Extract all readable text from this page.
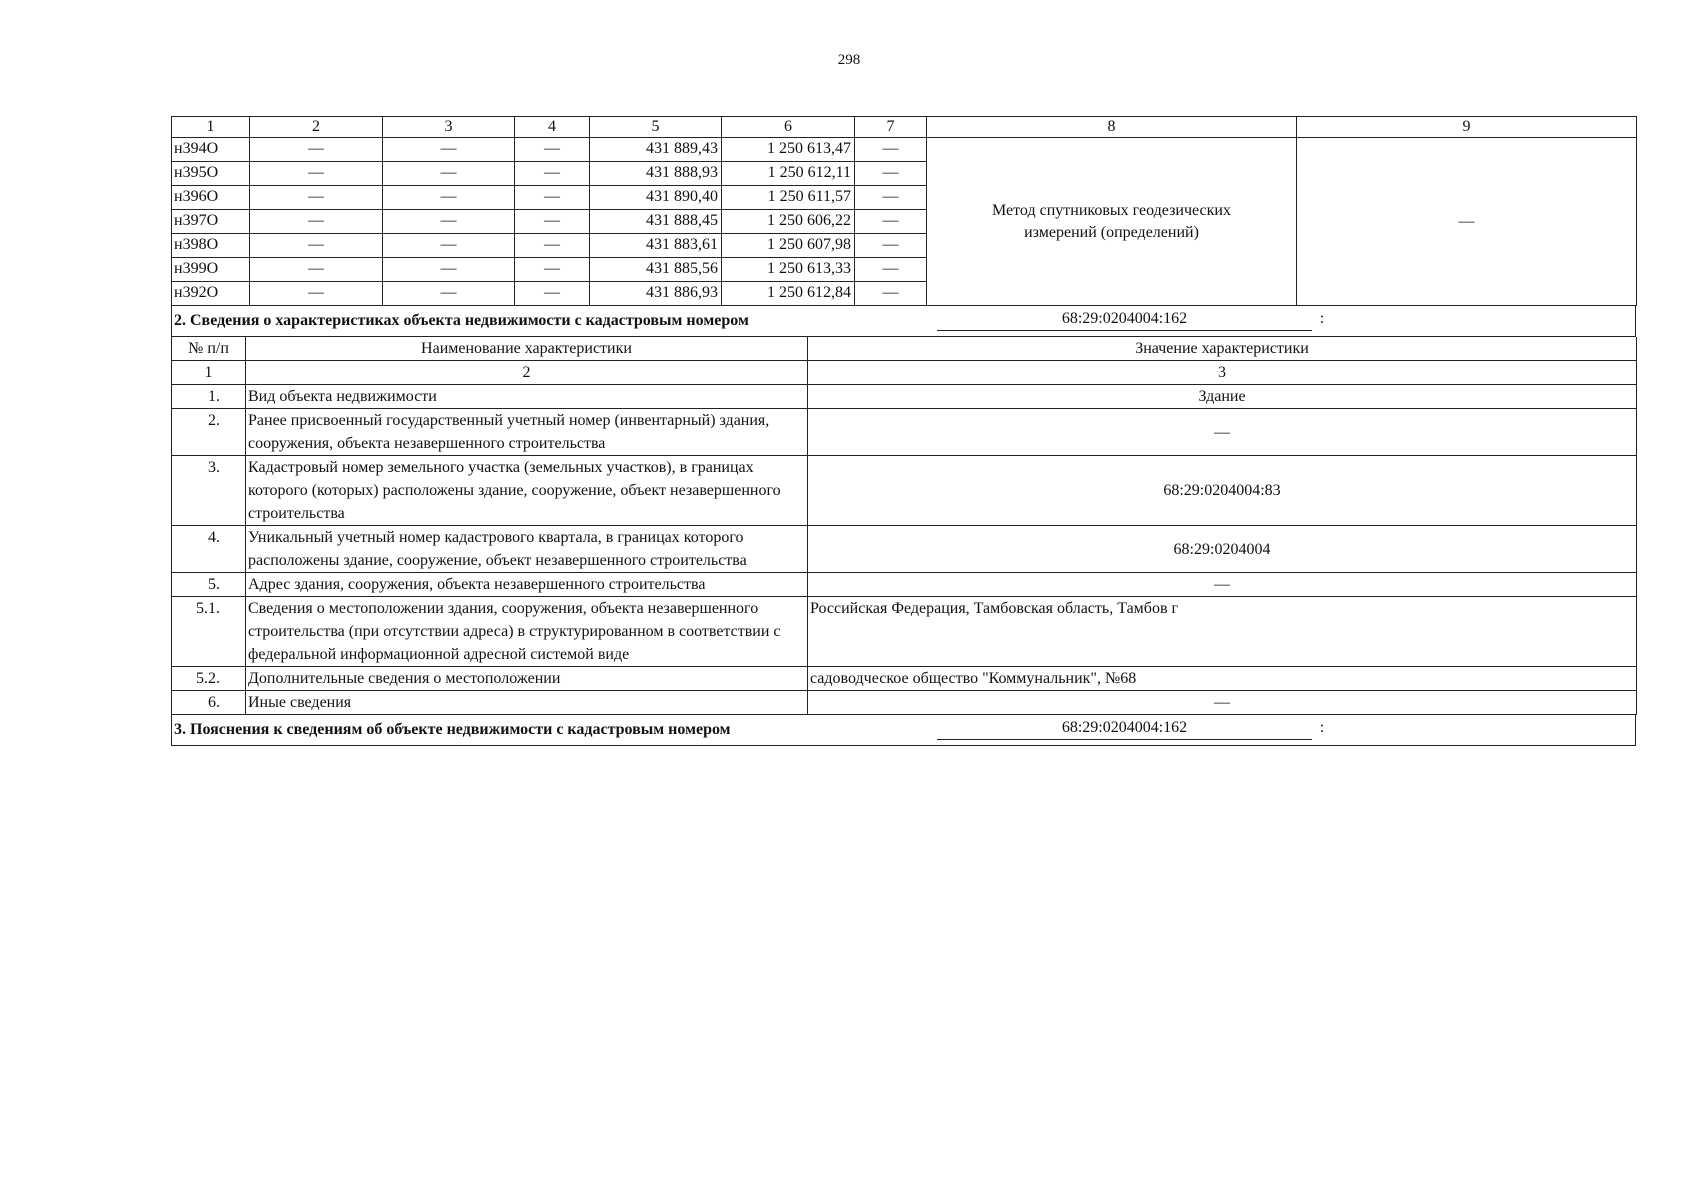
298
1	2	3	4	5	6	7	8	9
н394О	—	—	—	431 889,43	1 250 613,47	—	Метод спутниковых геодезических измерений (определений)	—
н395О	—	—	—	431 888,93	1 250 612,11	—		
н396О	—	—	—	431 890,40	1 250 611,57	—		
н397О	—	—	—	431 888,45	1 250 606,22	—		
н398О	—	—	—	431 883,61	1 250 607,98	—		
н399О	—	—	—	431 885,56	1 250 613,33	—		
н392О	—	—	—	431 886,93	1 250 612,84	—		
2. Сведения о характеристиках объекта недвижимости с кадастровым номером	68:29:0204004:162	:
№ п/п	Наименование характеристики	Значение характеристики
1	2	3
1.	Вид объекта недвижимости	Здание
2.	Ранее присвоенный государственный учетный номер (инвентарный) здания, сооружения, объекта незавершенного строительства	—
3.	Кадастровый номер земельного участка (земельных участков), в границах которого (которых) расположены здание, сооружение, объект незавершенного строительства	68:29:0204004:83
4.	Уникальный учетный номер кадастрового квартала, в границах которого расположены здание, сооружение, объект незавершенного строительства	68:29:0204004
5.	Адрес здания, сооружения, объекта незавершенного строительства	—
5.1.	Сведения о местоположении здания, сооружения, объекта незавершенного строительства (при отсутствии адреса) в структурированном в соответствии с федеральной информационной адресной системой виде	Российская Федерация, Тамбовская область, Тамбов г
5.2.	Дополнительные сведения о местоположении	садоводческое общество "Коммунальник", №68
6.	Иные сведения	—
3. Пояснения к сведениям об объекте недвижимости с кадастровым номером	68:29:0204004:162	:
